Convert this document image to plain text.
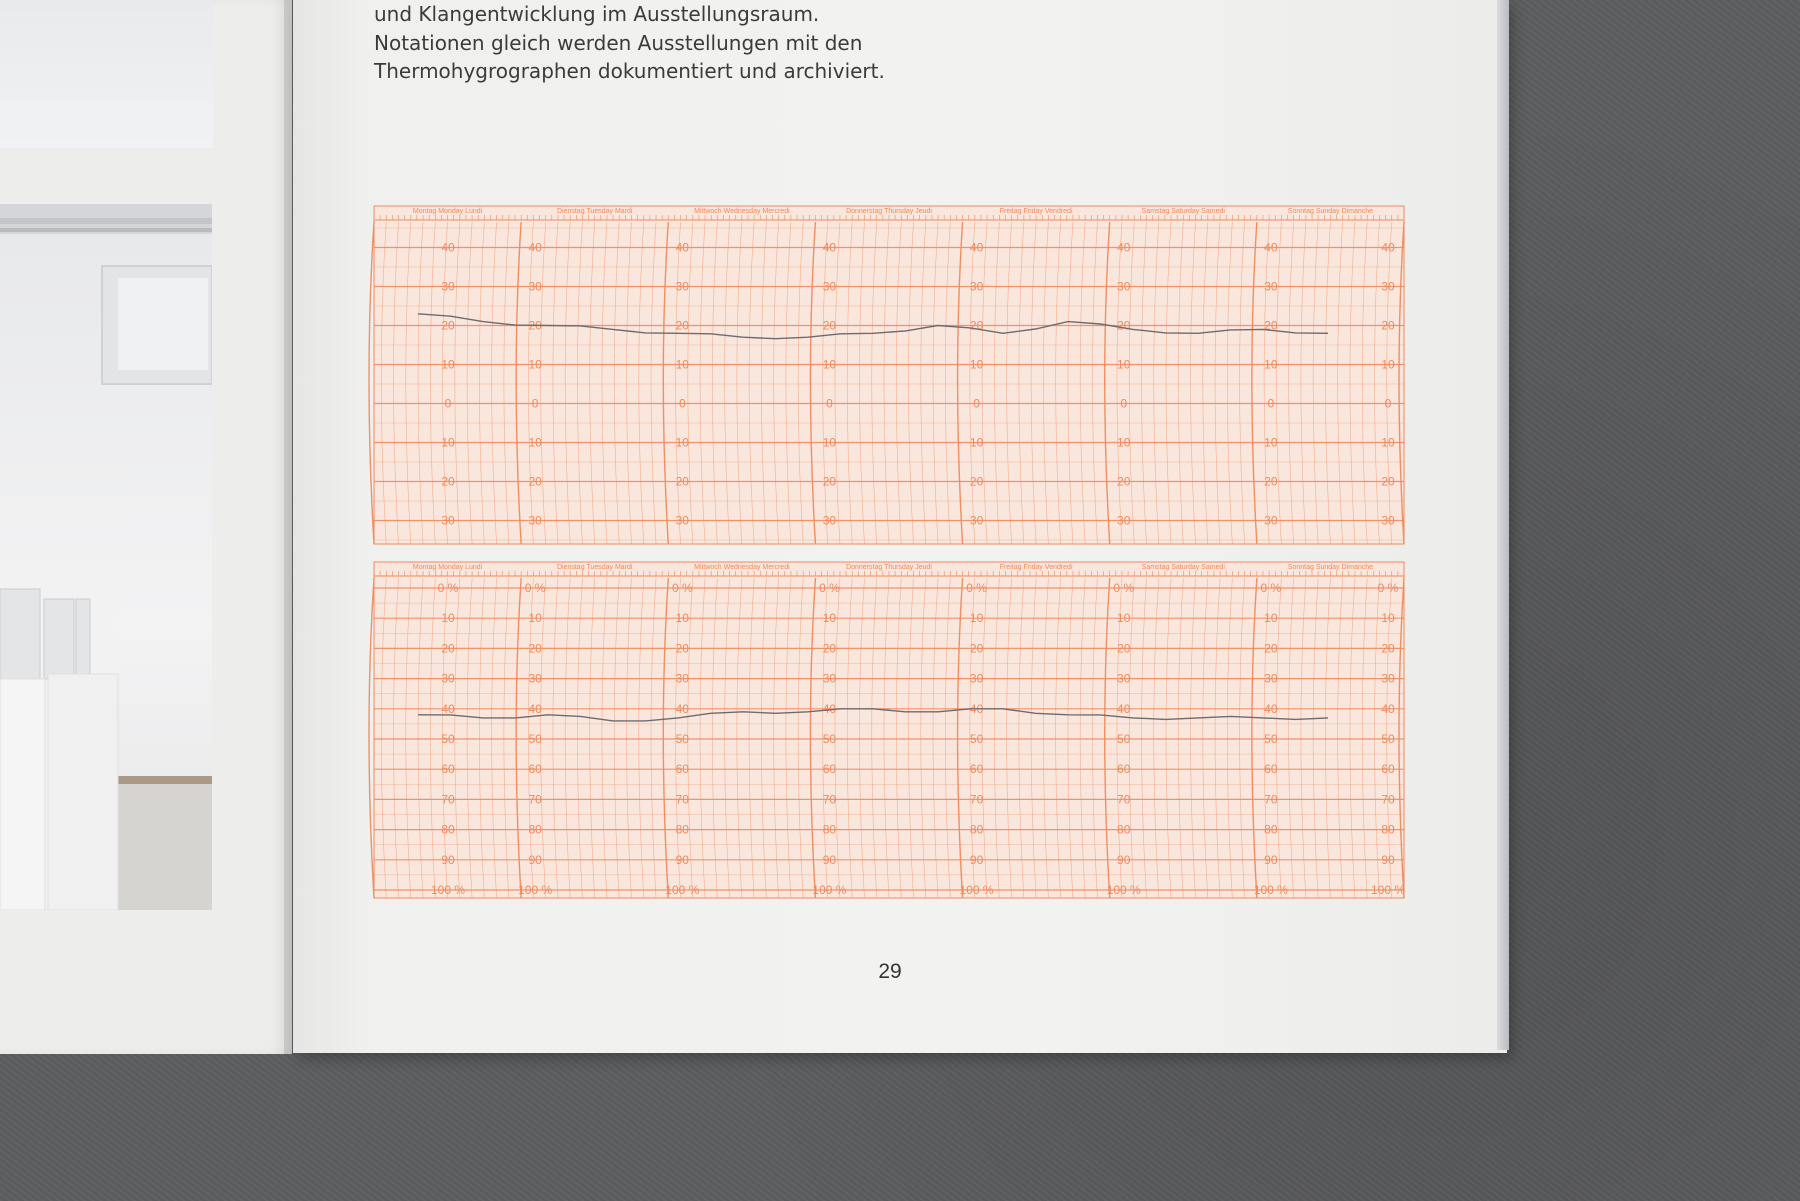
und Klangentwicklung im Ausstellungsraum.

Notationen gleich werden Ausstellungen mit den

Thermohygrographen dokumentiert und archiviert.

Montag Monday Lundi	Dienstag Tuesday Mardi	Mittwoch Wednesday Mercredi	Donnerstag Thursday Jeudi	Freitag Friday Vendredi	Samstag Saturday Samedi	Sonntag Sunday Dimanche
40
30
20
10
0
10
20
30
40
30
20
10
0
10
20
30
40
30
20
10
0
10
20
30
40
30
20
10
0
10
20
30
40
30
20
10
0
10
20
30
40
30
20
10
0
10
20
30
40
30
20
10
0
10
20
30
40
30
20
10
0
10
20
30
Montag Monday Lundi	Dienstag Tuesday Mardi	Mittwoch Wednesday Mercredi	Donnerstag Thursday Jeudi	Freitag Friday Vendredi	Samstag Saturday Samedi	Sonntag Sunday Dimanche
0 %
10
20
30
40
50
60
70
80
90
100 %
0 %
10
20
30
40
50
60
70
80
90
100 %
0 %
10
20
30
40
50
60
70
80
90
100 %
0 %
10
20
30
40
50
60
70
80
90
100 %
0 %
10
20
30
40
50
60
70
80
90
100 %
0 %
10
20
30
40
50
60
70
80
90
100 %
0 %
10
20
30
40
50
60
70
80
90
100 %
0 %
10
20
30
40
50
60
70
80
90
100 %
29
